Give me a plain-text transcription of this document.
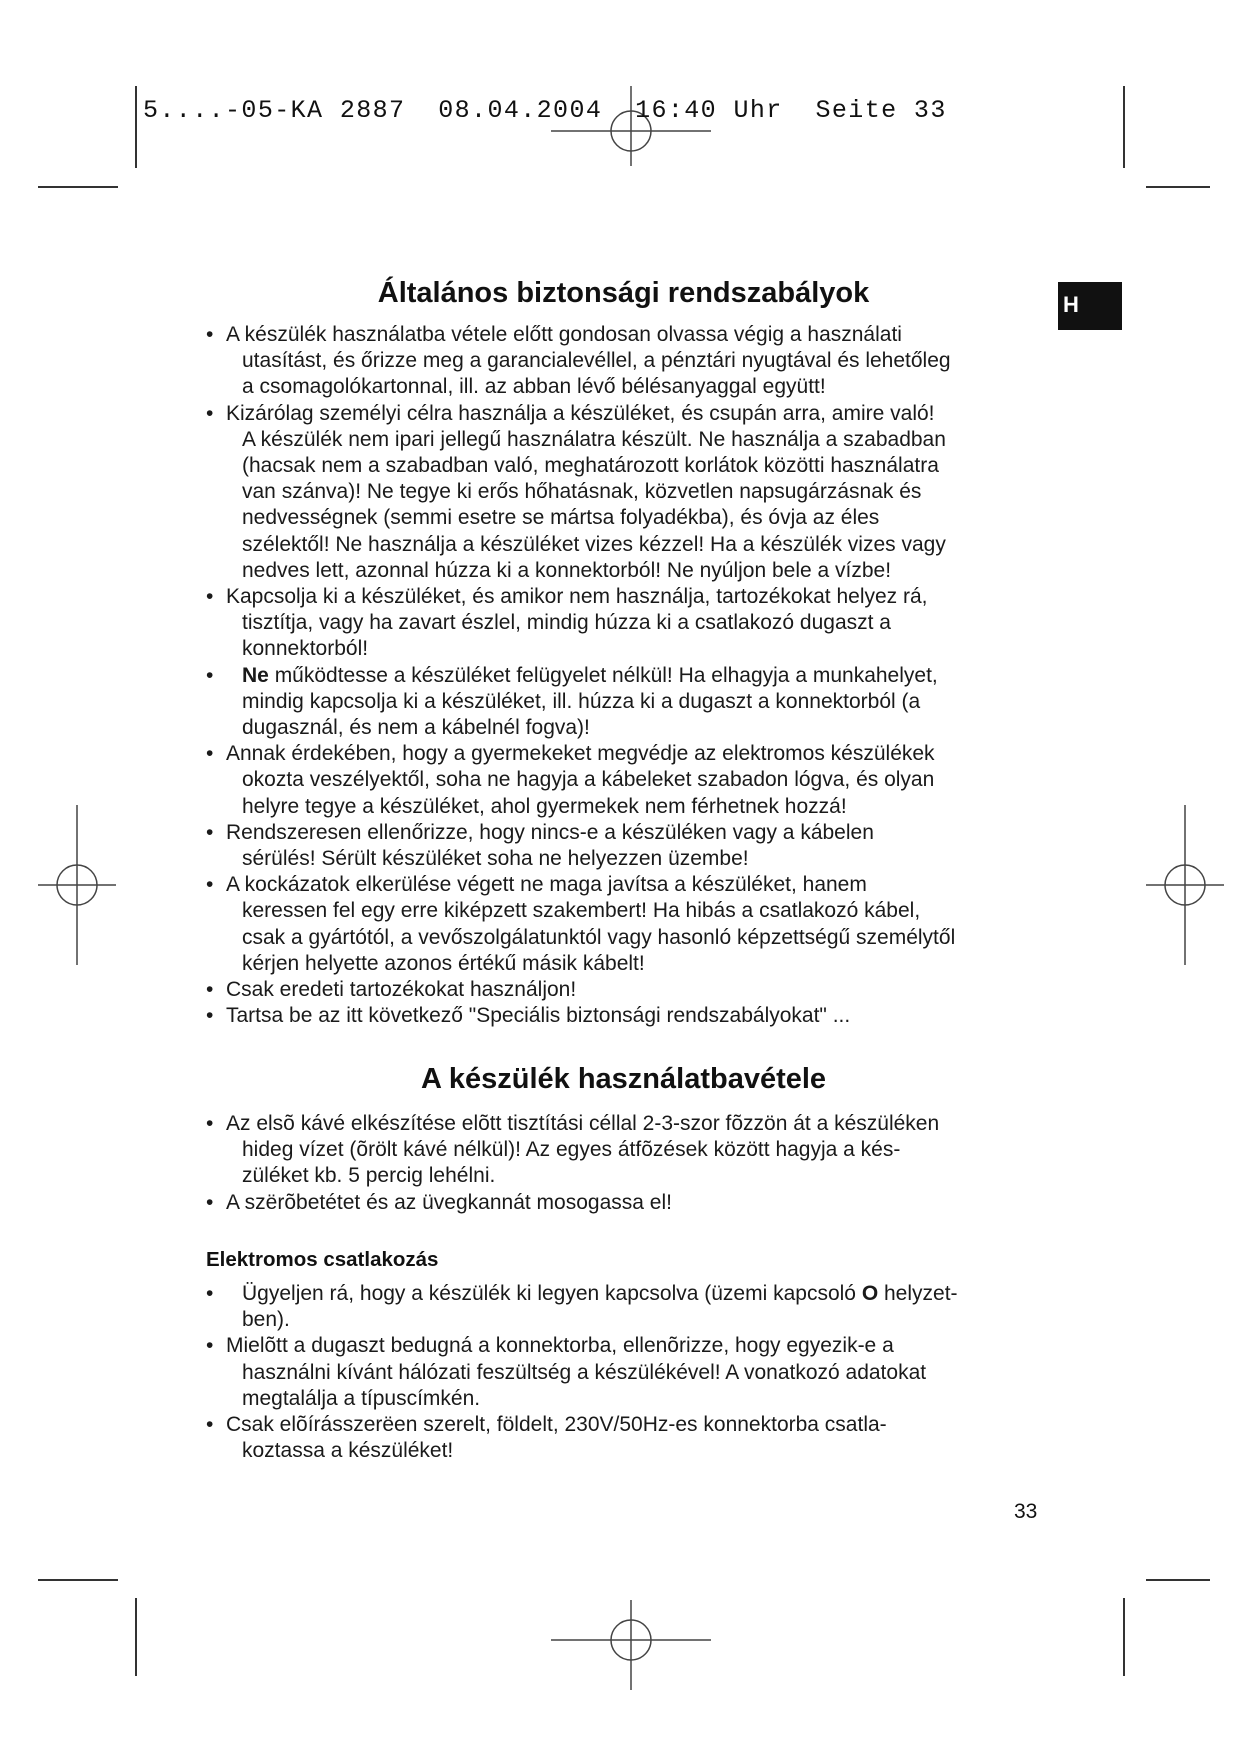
5....-05-KA 2887  08.04.2004  16:40 Uhr  Seite 33
H
Általános biztonsági rendszabályok
A készülék használatbavétele
Elektromos csatlakozás
• A készülék használatba vétele előtt gondosan olvassa végig a használati
utasítást, és őrizze meg a garancialevéllel, a pénztári nyugtával és lehetőleg
a csomagolókartonnal, ill. az abban lévő bélésanyaggal együtt!
• Kizárólag személyi célra használja a készüléket, és csupán arra, amire való!
A készülék nem ipari jellegű használatra készült. Ne használja a szabadban
(hacsak nem a szabadban való, meghatározott korlátok közötti használatra
van szánva)! Ne tegye ki erős hőhatásnak, közvetlen napsugárzásnak és
nedvességnek (semmi esetre se mártsa folyadékba), és óvja az éles
szélektől! Ne használja a készüléket vizes kézzel! Ha a készülék vizes vagy
nedves lett, azonnal húzza ki a konnektorból! Ne nyúljon bele a vízbe!
• Kapcsolja ki a készüléket, és amikor nem használja, tartozékokat helyez rá,
tisztítja, vagy ha zavart észlel, mindig húzza ki a csatlakozó dugaszt a
konnektorból!
• Ne működtesse a készüléket felügyelet nélkül! Ha elhagyja a munkahelyet,
mindig kapcsolja ki a készüléket, ill. húzza ki a dugaszt a konnektorból (a
dugasznál, és nem a kábelnél fogva)!
• Annak érdekében, hogy a gyermekeket megvédje az elektromos készülékek
okozta veszélyektől, soha ne hagyja a kábeleket szabadon lógva, és olyan
helyre tegye a készüléket, ahol gyermekek nem férhetnek hozzá!
• Rendszeresen ellenőrizze, hogy nincs-e a készüléken vagy a kábelen
sérülés! Sérült készüléket soha ne helyezzen üzembe!
• A kockázatok elkerülése végett ne maga javítsa a készüléket, hanem
keressen fel egy erre kiképzett szakembert! Ha hibás a csatlakozó kábel,
csak a gyártótól, a vevőszolgálatunktól vagy hasonló képzettségű személytől
kérjen helyette azonos értékű másik kábelt!
• Csak eredeti tartozékokat használjon!
• Tartsa be az itt következő "Speciális biztonsági rendszabályokat" ...
• Az elsõ kávé elkészítése elõtt tisztítási céllal 2-3-szor fõzzön át a készüléken
hideg vízet (õrölt kávé nélkül)! Az egyes átfõzések között hagyja a kés-
züléket kb. 5 percig lehélni.
• A szërõbetétet és az üvegkannát mosogassa el!
• Ügyeljen rá, hogy a készülék ki legyen kapcsolva (üzemi kapcsoló O helyzet-
ben).
• Mielõtt a dugaszt bedugná a konnektorba, ellenõrizze, hogy egyezik-e a
használni kívánt hálózati feszültség a készülékével! A vonatkozó adatokat
megtalálja a típuscímkén.
• Csak elõírásszerëen szerelt, földelt, 230V/50Hz-es konnektorba csatla-
koztassa a készüléket!
33
